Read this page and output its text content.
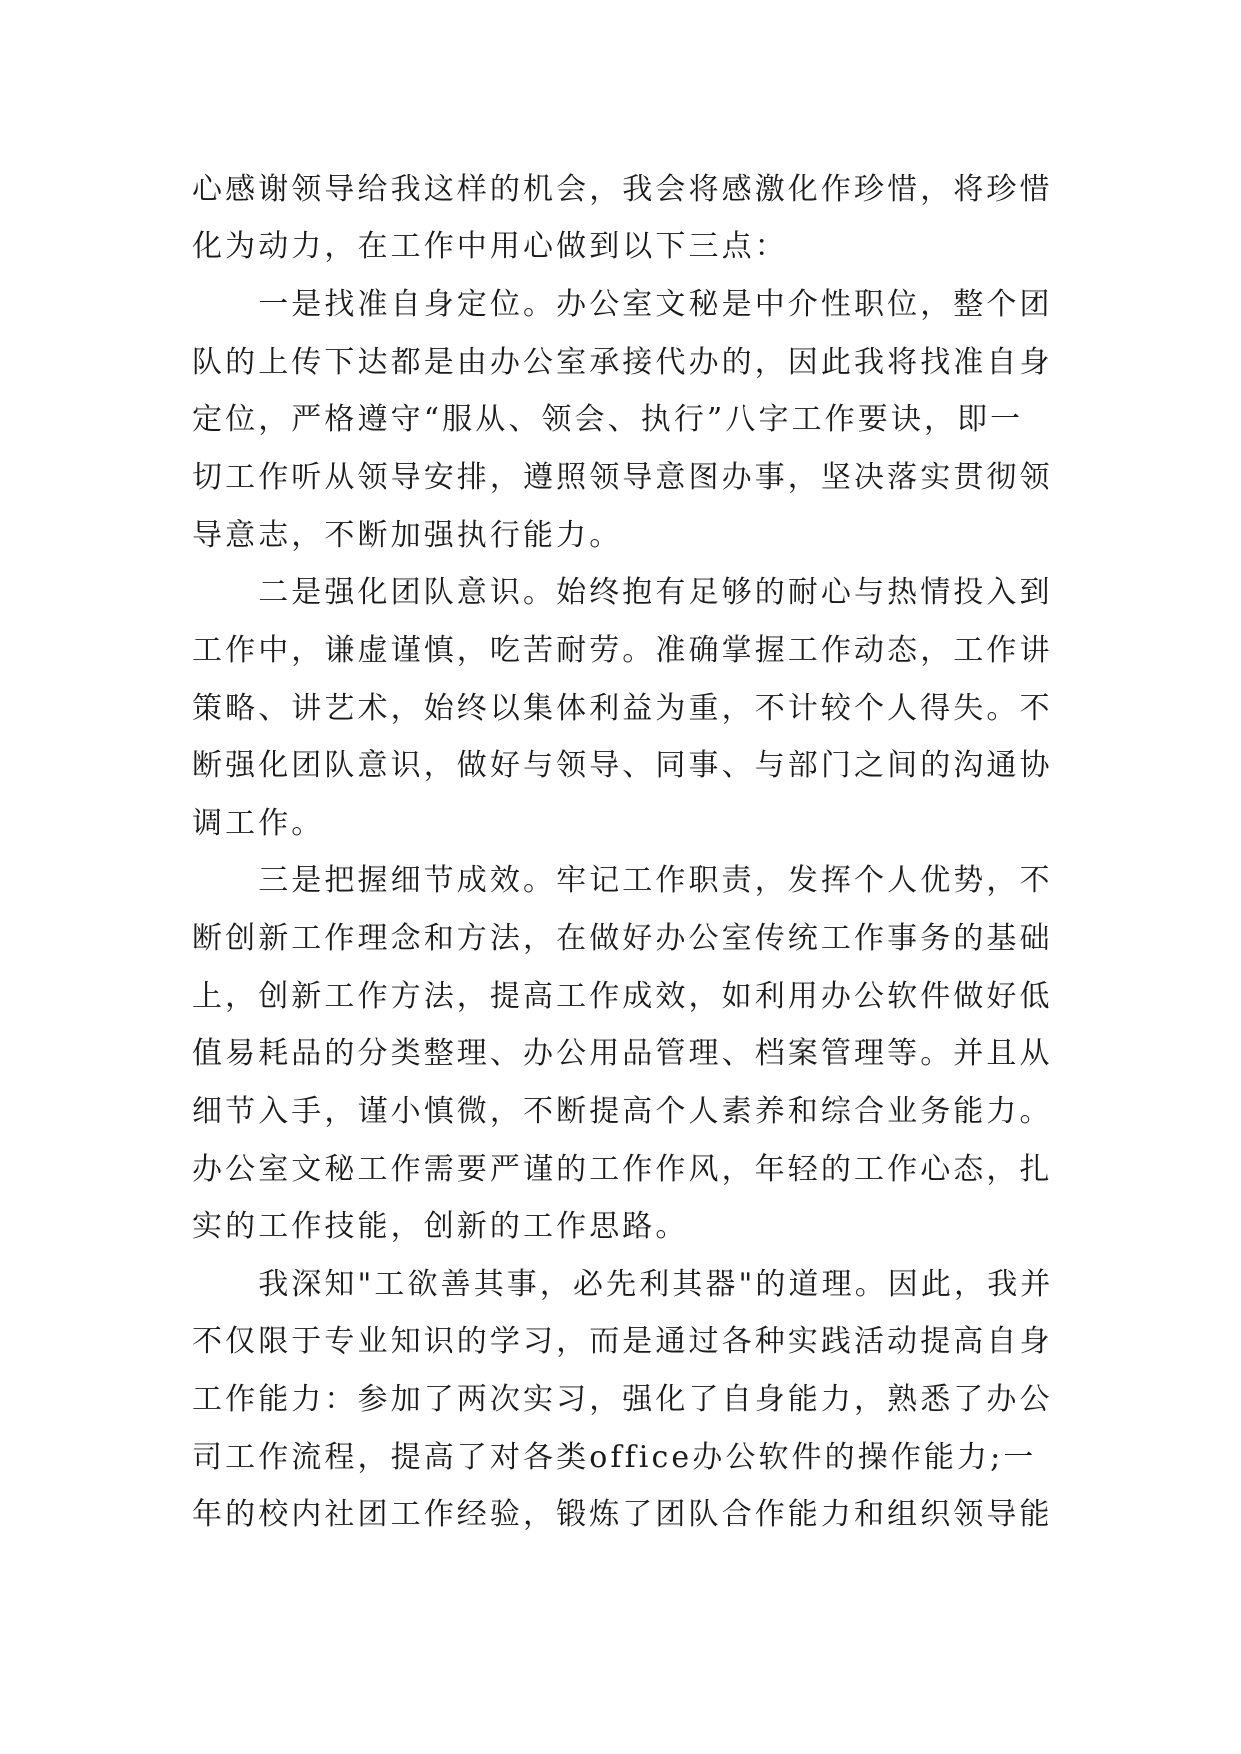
心感谢领导给我这样的机会，我会将感激化作珍惜，将珍惜
化为动力，在工作中用心做到以下三点：
　　一是找准自身定位。办公室文秘是中介性职位，整个团
队的上传下达都是由办公室承接代办的，因此我将找准自身
定位，严格遵守“服从、领会、执行”八字工作要诀，即一
切工作听从领导安排，遵照领导意图办事，坚决落实贯彻领
导意志，不断加强执行能力。
　　二是强化团队意识。始终抱有足够的耐心与热情投入到
工作中，谦虚谨慎，吃苦耐劳。准确掌握工作动态，工作讲
策略、讲艺术，始终以集体利益为重，不计较个人得失。不
断强化团队意识，做好与领导、同事、与部门之间的沟通协
调工作。
　　三是把握细节成效。牢记工作职责，发挥个人优势，不
断创新工作理念和方法，在做好办公室传统工作事务的基础
上，创新工作方法，提高工作成效，如利用办公软件做好低
值易耗品的分类整理、办公用品管理、档案管理等。并且从
细节入手，谨小慎微，不断提高个人素养和综合业务能力。
办公室文秘工作需要严谨的工作作风，年轻的工作心态，扎
实的工作技能，创新的工作思路。
　　我深知"工欲善其事，必先利其器"的道理。因此，我并
不仅限于专业知识的学习，而是通过各种实践活动提高自身
工作能力：参加了两次实习，强化了自身能力，熟悉了办公
司工作流程，提高了对各类office办公软件的操作能力;一
年的校内社团工作经验，锻炼了团队合作能力和组织领导能
